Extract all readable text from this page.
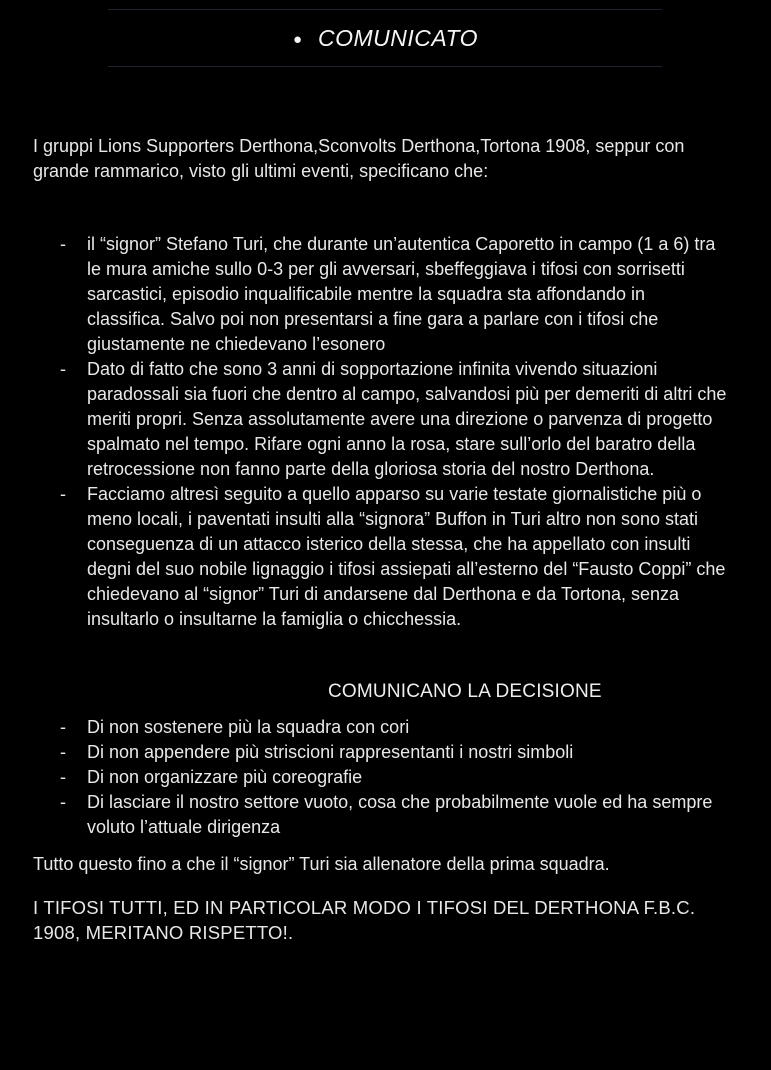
● COMUNICATO

I gruppi Lions Supporters Derthona,Sconvolts Derthona,Tortona 1908, seppur con grande rammarico, visto gli ultimi eventi, specificano che:

-	il “signor” Stefano Turi, che durante un’autentica Caporetto in campo (1 a 6) tra le mura amiche sullo 0-3 per gli avversari, sbeffeggiava i tifosi con sorrisetti sarcastici, episodio inqualificabile mentre la squadra sta affondando in classifica. Salvo poi non presentarsi a fine gara a parlare con i tifosi che giustamente ne chiedevano l’esonero
-	Dato di fatto che sono 3 anni di sopportazione infinita vivendo situazioni paradossali sia fuori che dentro al campo, salvandosi più per demeriti di altri che meriti propri. Senza assolutamente avere una direzione o parvenza di progetto spalmato nel tempo. Rifare ogni anno la rosa, stare sull’orlo del baratro della retrocessione non fanno parte della gloriosa storia del nostro Derthona.
-	Facciamo altresì seguito a quello apparso su varie testate giornalistiche più o meno locali, i paventati insulti alla “signora” Buffon in Turi altro non sono stati conseguenza di un attacco isterico della stessa, che ha appellato con insulti degni del suo nobile lignaggio i tifosi assiepati all’esterno del “Fausto Coppi” che chiedevano al “signor” Turi di andarsene dal Derthona e da Tortona, senza insultarlo o insultarne la famiglia o chicchessia.
COMUNICANO LA DECISIONE
-	Di non sostenere più la squadra con cori
-	Di non appendere più striscioni rappresentanti i nostri simboli
-	Di non organizzare più coreografie
-	Di lasciare il nostro settore vuoto, cosa che probabilmente vuole ed ha sempre voluto l’attuale dirigenza

Tutto questo fino a che il “signor” Turi sia allenatore della prima squadra.

I TIFOSI TUTTI, ED IN PARTICOLAR MODO I TIFOSI DEL DERTHONA F.B.C. 1908, MERITANO RISPETTO!.
